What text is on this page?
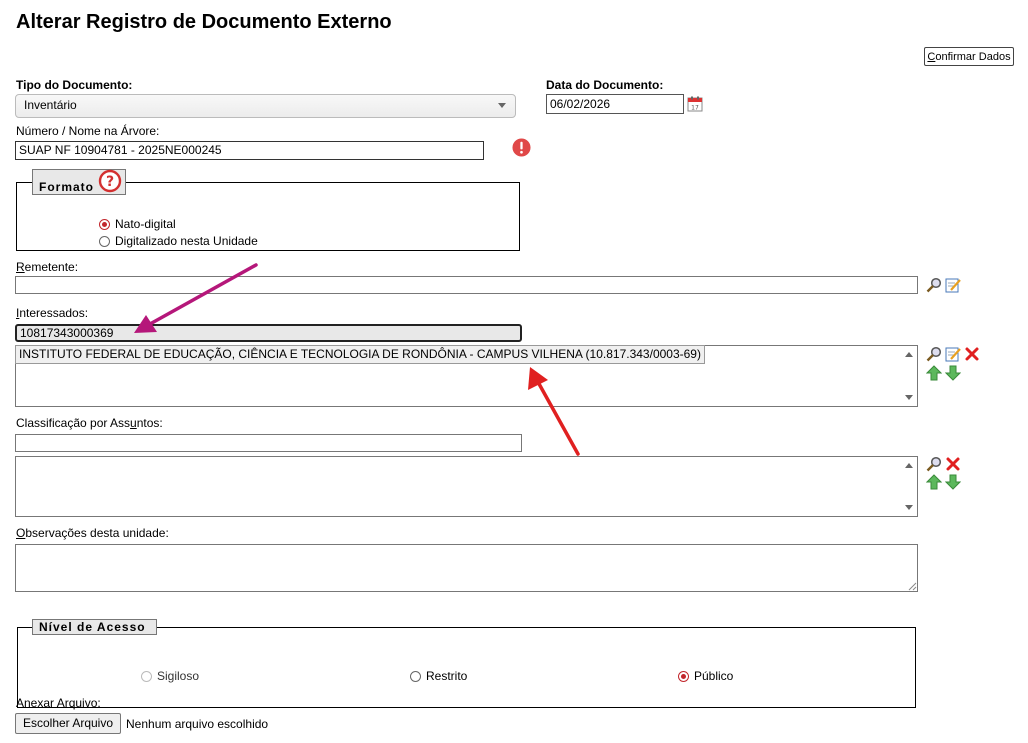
Alterar Registro de Documento Externo
Confirmar Dados
Tipo do Documento:
Inventário
Data do Documento:
06/02/2026	17
Número / Nome na Árvore:
SUAP NF 10904781 - 2025NE000245
Formato ?
Nato-digital
Digitalizado nesta Unidade
Remetente:
Interessados:
10817343000369
INSTITUTO FEDERAL DE EDUCAÇÃO, CIÊNCIA E TECNOLOGIA DE RONDÔNIA - CAMPUS VILHENA (10.817.343/0003-69)
Classificação por Assuntos:
Observações desta unidade:
Nível de Acesso
Sigiloso	Restrito	Público
Anexar Arquivo:
Escolher Arquivo	Nenhum arquivo escolhido
